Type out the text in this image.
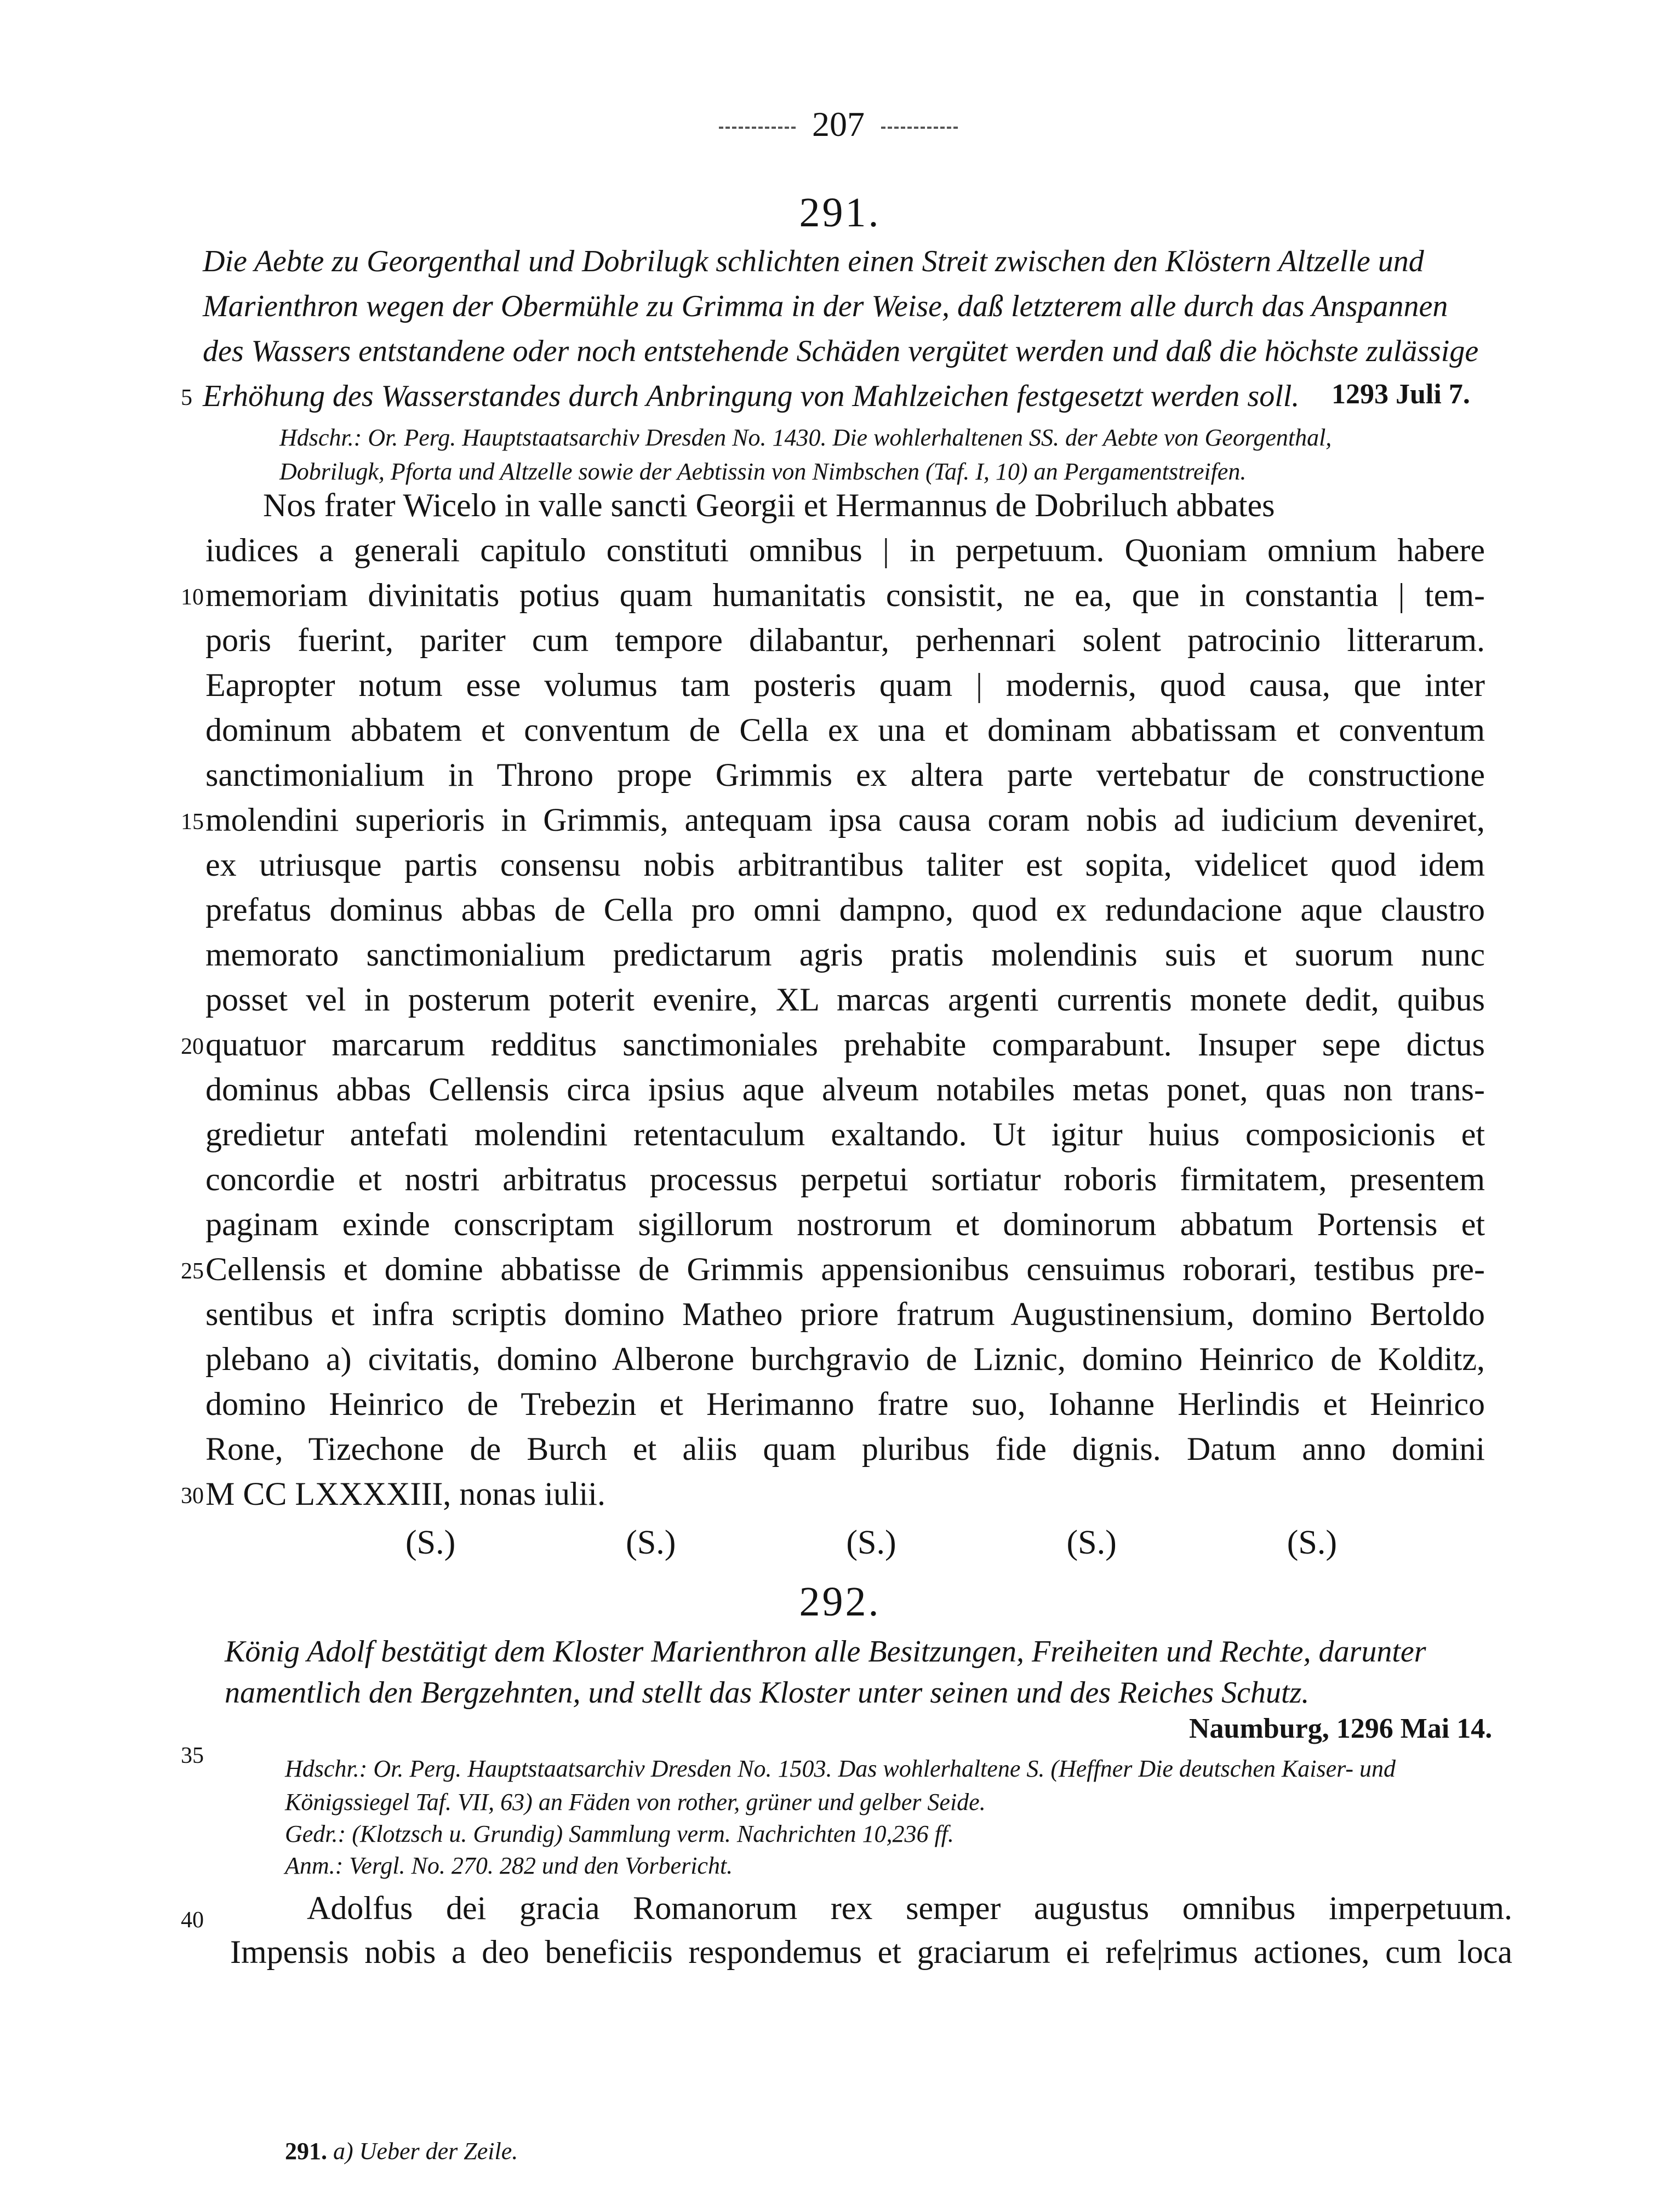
207
291.
Die Aebte zu Georgenthal und Dobrilugk schlichten einen Streit zwischen den Klöstern Altzelle und
Marienthron wegen der Obermühle zu Grimma in der Weise, daß letzterem alle durch das Anspannen
des Wassers entstandene oder noch entstehende Schäden vergütet werden und daß die höchste zulässige
Erhöhung des Wasserstandes durch Anbringung von Mahlzeichen festgesetzt werden soll. 1293 Juli 7.
Hdschr.: Or. Perg. Hauptstaatsarchiv Dresden No. 1430. Die wohlerhaltenen SS. der Aebte von Georgenthal,
Dobrilugk, Pforta und Altzelle sowie der Aebtissin von Nimbschen (Taf. I, 10) an Pergamentstreifen.
Nos frater Wicelo in valle sancti Georgii et Hermannus de Dobriluch abbates
iudices a generali capitulo constituti omnibus | in perpetuum. Quoniam omnium habere
memoriam divinitatis potius quam humanitatis consistit, ne ea, que in constantia | tem-
poris fuerint, pariter cum tempore dilabantur, perhennari solent patrocinio litterarum.
Eapropter notum esse volumus tam posteris quam | modernis, quod causa, que inter
dominum abbatem et conventum de Cella ex una et dominam abbatissam et conventum
sanctimonialium in Throno prope Grimmis ex altera parte vertebatur de constructione
molendini superioris in Grimmis, antequam ipsa causa coram nobis ad iudicium deveniret,
ex utriusque partis consensu nobis arbitrantibus taliter est sopita, videlicet quod idem
prefatus dominus abbas de Cella pro omni dampno, quod ex redundacione aque claustro
memorato sanctimonialium predictarum agris pratis molendinis suis et suorum nunc
posset vel in posterum poterit evenire, XL marcas argenti currentis monete dedit, quibus
quatuor marcarum redditus sanctimoniales prehabite comparabunt. Insuper sepe dictus
dominus abbas Cellensis circa ipsius aque alveum notabiles metas ponet, quas non trans-
gredietur antefati molendini retentaculum exaltando. Ut igitur huius composicionis et
concordie et nostri arbitratus processus perpetui sortiatur roboris firmitatem, presentem
paginam exinde conscriptam sigillorum nostrorum et dominorum abbatum Portensis et
Cellensis et domine abbatisse de Grimmis appensionibus censuimus roborari, testibus pre-
sentibus et infra scriptis domino Matheo priore fratrum Augustinensium, domino Bertoldo
plebano a) civitatis, domino Alberone burchgravio de Liznic, domino Heinrico de Kolditz,
domino Heinrico de Trebezin et Herimanno fratre suo, Iohanne Herlindis et Heinrico
Rone, Tizechone de Burch et aliis quam pluribus fide dignis. Datum anno domini
M CC LXXXXIII, nonas iulii.
(S.)	(S.)	(S.)	(S.)	(S.)
5
10
15
20
25
30
291. a) Ueber der Zeile.
292.
König Adolf bestätigt dem Kloster Marienthron alle Besitzungen, Freiheiten und Rechte, darunter
namentlich den Bergzehnten, und stellt das Kloster unter seinen und des Reiches Schutz.
Naumburg, 1296 Mai 14.
35	Hdschr.: Or. Perg. Hauptstaatsarchiv Dresden No. 1503. Das wohlerhaltene S. (Heffner Die deutschen Kaiser- und
Königssiegel Taf. VII, 63) an Fäden von rother, grüner und gelber Seide.
Gedr.: (Klotzsch u. Grundig) Sammlung verm. Nachrichten 10,236 ff.
Anm.: Vergl. No. 270. 282 und den Vorbericht.
40	Adolfus dei gracia Romanorum rex semper augustus omnibus imperpetuum.
Impensis nobis a deo beneficiis respondemus et graciarum ei refe|rimus actiones, cum loca
